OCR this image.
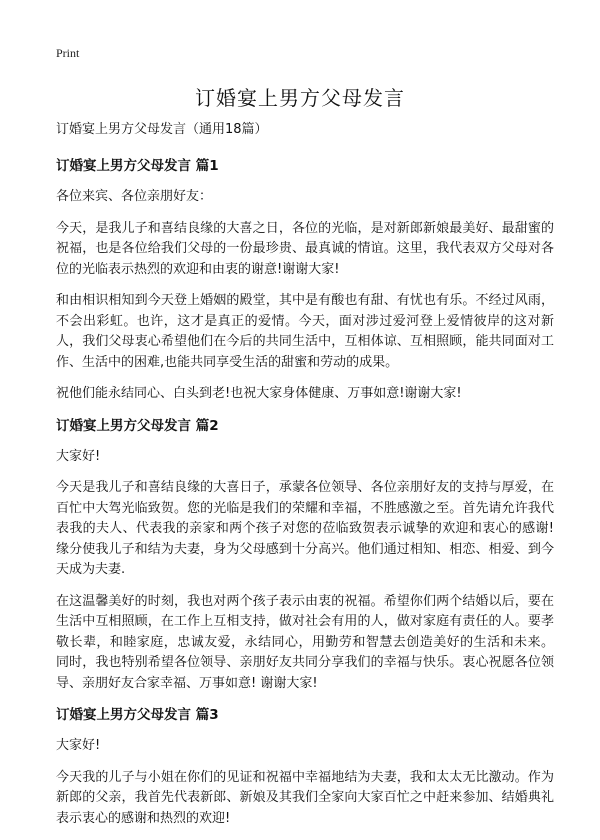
Print
订婚宴上男方父母发言

订婚宴上男方父母发言（通用18篇）

订婚宴上男方父母发言 篇1

各位来宾、各位亲朋好友：

今天，是我儿子和喜结良缘的大喜之日，各位的光临，是对新郎新娘最美好、最甜蜜的祝福，也是各位给我们父母的一份最珍贵、最真诚的情谊。这里，我代表双方父母对各位的光临表示热烈的欢迎和由衷的谢意!谢谢大家!

和由相识相知到今天登上婚姻的殿堂，其中是有酸也有甜、有忧也有乐。不经过风雨，不会出彩虹。也许，这才是真正的爱情。今天，面对涉过爱河登上爱情彼岸的这对新人，我们父母衷心希望他们在今后的共同生活中，互相体谅、互相照顾，能共同面对工作、生活中的困难,也能共同享受生活的甜蜜和劳动的成果。

祝他们能永结同心、白头到老!也祝大家身体健康、万事如意!谢谢大家!

订婚宴上男方父母发言 篇2

大家好!

今天是我儿子和喜结良缘的大喜日子，承蒙各位领导、各位亲朋好友的支持与厚爱，在百忙中大驾光临致贺。您的光临是我们的荣耀和幸福，不胜感激之至。首先请允许我代表我的夫人、代表我的亲家和两个孩子对您的莅临致贺表示诚挚的欢迎和衷心的感谢! 缘分使我儿子和结为夫妻，身为父母感到十分高兴。他们通过相知、相恋、相爱、到今天成为夫妻.

在这温馨美好的时刻，我也对两个孩子表示由衷的祝福。希望你们两个结婚以后，要在生活中互相照顾，在工作上互相支持，做对社会有用的人，做对家庭有责任的人。要孝敬长辈，和睦家庭，忠诚友爱，永结同心，用勤劳和智慧去创造美好的生活和未来。 同时，我也特别希望各位领导、亲朋好友共同分享我们的幸福与快乐。衷心祝愿各位领导、亲朋好友合家幸福、万事如意! 谢谢大家!

订婚宴上男方父母发言 篇3

大家好!

今天我的儿子与小姐在你们的见证和祝福中幸福地结为夫妻，我和太太无比激动。作为新郎的父亲，我首先代表新郎、新娘及其我们全家向大家百忙之中赶来参加、结婚典礼表示衷心的感谢和热烈的欢迎!
